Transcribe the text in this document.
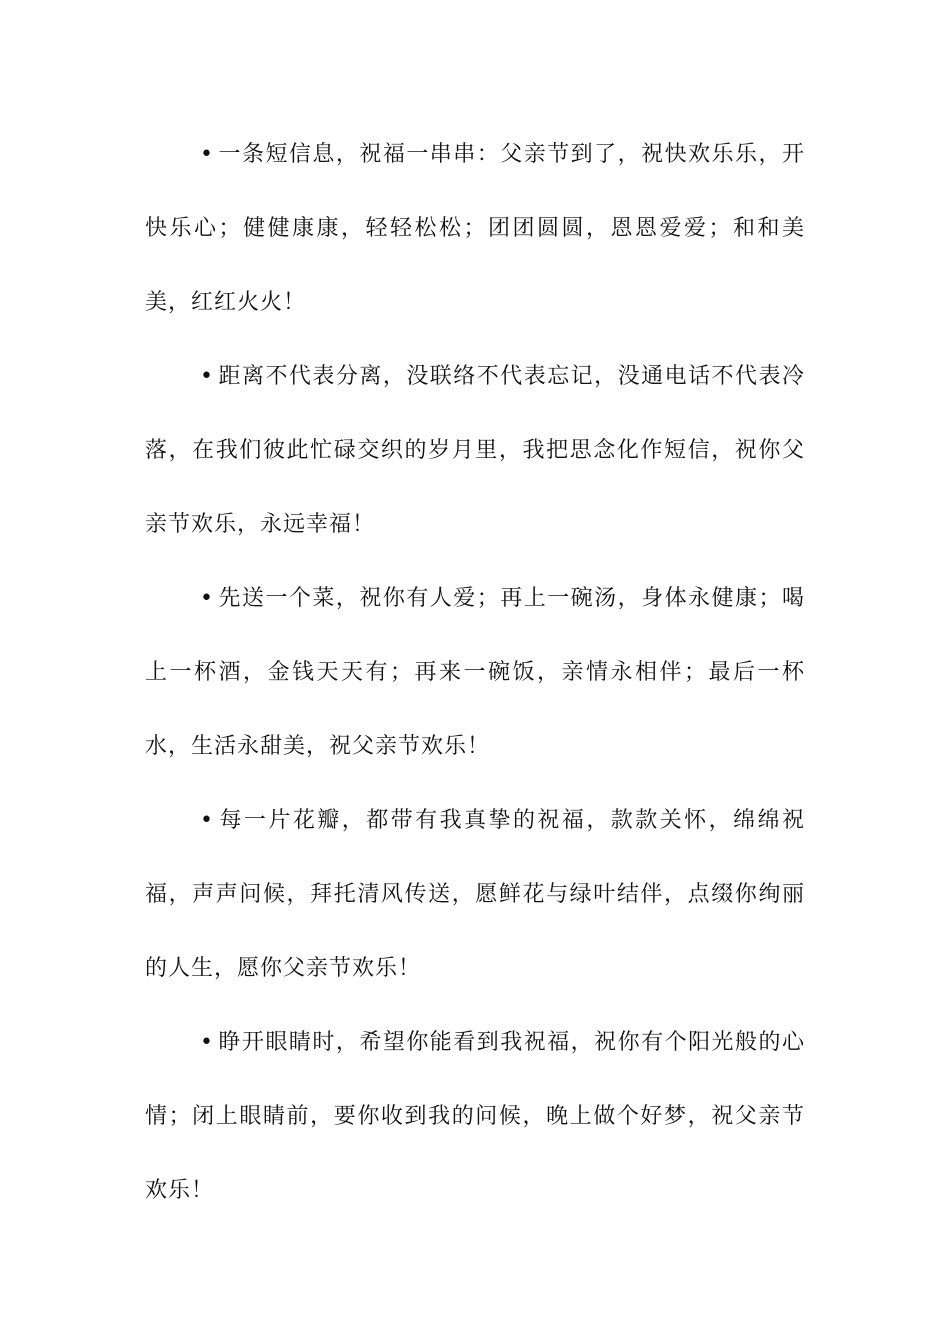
• 一条短信息，祝福一串串：父亲节到了，祝快欢乐乐，开快乐心；健健康康，轻轻松松；团团圆圆，恩恩爱爱；和和美美，红红火火！

• 距离不代表分离，没联络不代表忘记，没通电话不代表冷落，在我们彼此忙碌交织的岁月里，我把思念化作短信，祝你父亲节欢乐，永远幸福！

• 先送一个菜，祝你有人爱；再上一碗汤，身体永健康；喝上一杯酒，金钱天天有；再来一碗饭，亲情永相伴；最后一杯水，生活永甜美，祝父亲节欢乐！

• 每一片花瓣，都带有我真挚的祝福，款款关怀，绵绵祝福，声声问候，拜托清风传送，愿鲜花与绿叶结伴，点缀你绚丽的人生，愿你父亲节欢乐！

• 睁开眼睛时，希望你能看到我祝福，祝你有个阳光般的心情；闭上眼睛前，要你收到我的问候，晚上做个好梦，祝父亲节欢乐！
